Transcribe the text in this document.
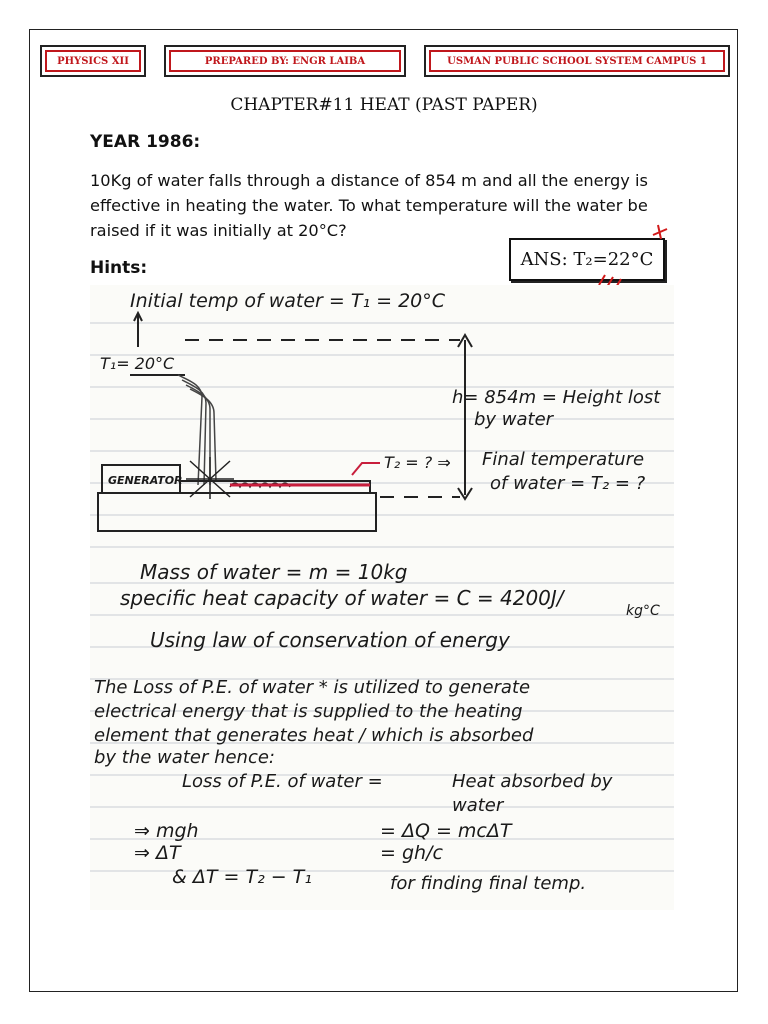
PHYSICS XII	PREPARED BY: ENGR LAIBA	USMAN PUBLIC SCHOOL SYSTEM CAMPUS 1
CHAPTER#11 HEAT (PAST PAPER)
YEAR 1986:
10Kg of water falls through a distance of 854 m and all the energy is effective in heating the water. To what temperature will the water be raised if it was initially at 20°C?
Hints:	ANS: T₂=22°C
GENERATOR
Initial temp of water = T₁ = 20°C
T₁= 20°C
h= 854m = Height lost
by water
T₂ = ? ⇒ Final temperature
of water = T₂ = ?
Mass of water = m = 10kg
specific heat capacity of water = C = 4200J/
kg°C
Using law of conservation of energy
The Loss of P.E. of water * is utilized to generate
electrical energy that is supplied to the heating
element that generates heat / which is absorbed
by the water hence:
Loss of P.E. of water =	Heat absorbed by
water
⇒ mgh	= ΔQ = mcΔT
⇒ ΔT	= gh/c
& ΔT = T₂ − T₁	for finding final temp.
